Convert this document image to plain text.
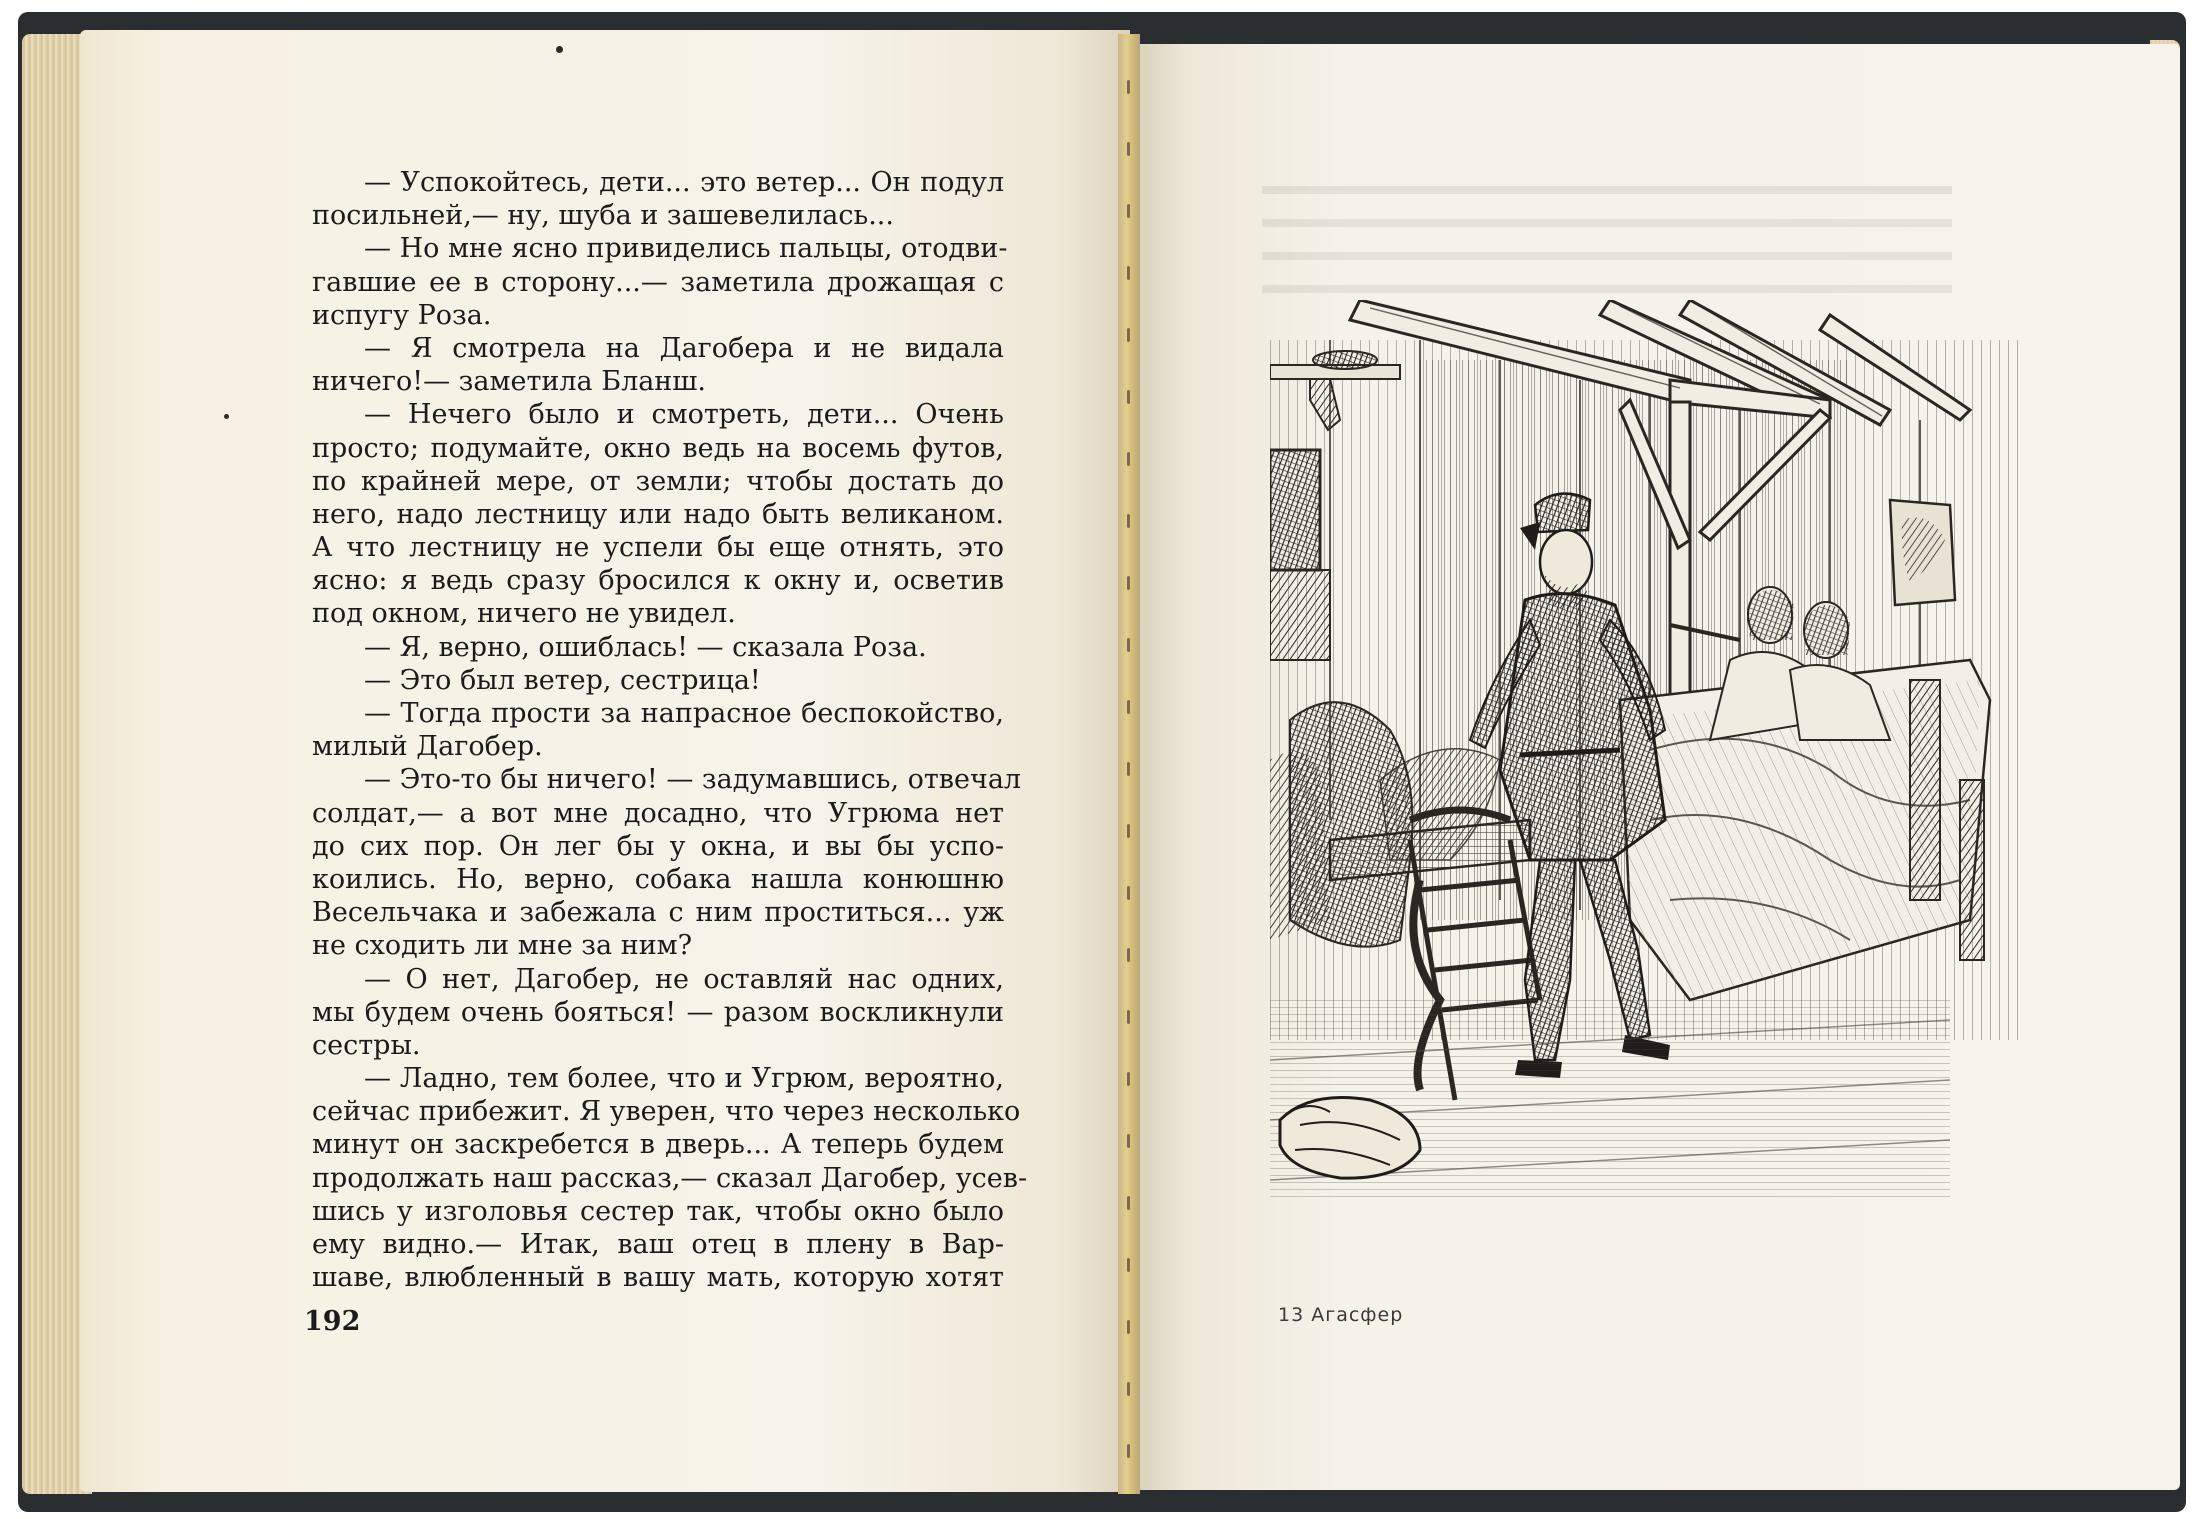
— Успокойтесь, дети... это ветер... Он подул
посильней,— ну, шуба и зашевелилась...
— Но мне ясно привиделись пальцы, отодви-
гавшие ее в сторону...— заметила дрожащая с
испугу Роза.
— Я смотрела на Дагобера и не видала
ничего!— заметила Бланш.
— Нечего было и смотреть, дети... Очень
просто; подумайте, окно ведь на восемь футов,
по крайней мере, от земли; чтобы достать до
него, надо лестницу или надо быть великаном.
А что лестницу не успели бы еще отнять, это
ясно: я ведь сразу бросился к окну и, осветив
под окном, ничего не увидел.
— Я, верно, ошиблась! — сказала Роза.
— Это был ветер, сестрица!
— Тогда прости за напрасное беспокойство,
милый Дагобер.
— Это-то бы ничего! — задумавшись, отвечал
солдат,— а вот мне досадно, что Угрюма нет
до сих пор. Он лег бы у окна, и вы бы успо-
коились. Но, верно, собака нашла конюшню
Весельчака и забежала с ним проститься... уж
не сходить ли мне за ним?
— О нет, Дагобер, не оставляй нас одних,
мы будем очень бояться! — разом воскликнули
сестры.
— Ладно, тем более, что и Угрюм, вероятно,
сейчас прибежит. Я уверен, что через несколько
минут он заскребется в дверь... А теперь будем
продолжать наш рассказ,— сказал Дагобер, усев-
шись у изголовья сестер так, чтобы окно было
ему видно.— Итак, ваш отец в плену в Вар-
шаве, влюбленный в вашу мать, которую хотят
192	13 Агасфер
